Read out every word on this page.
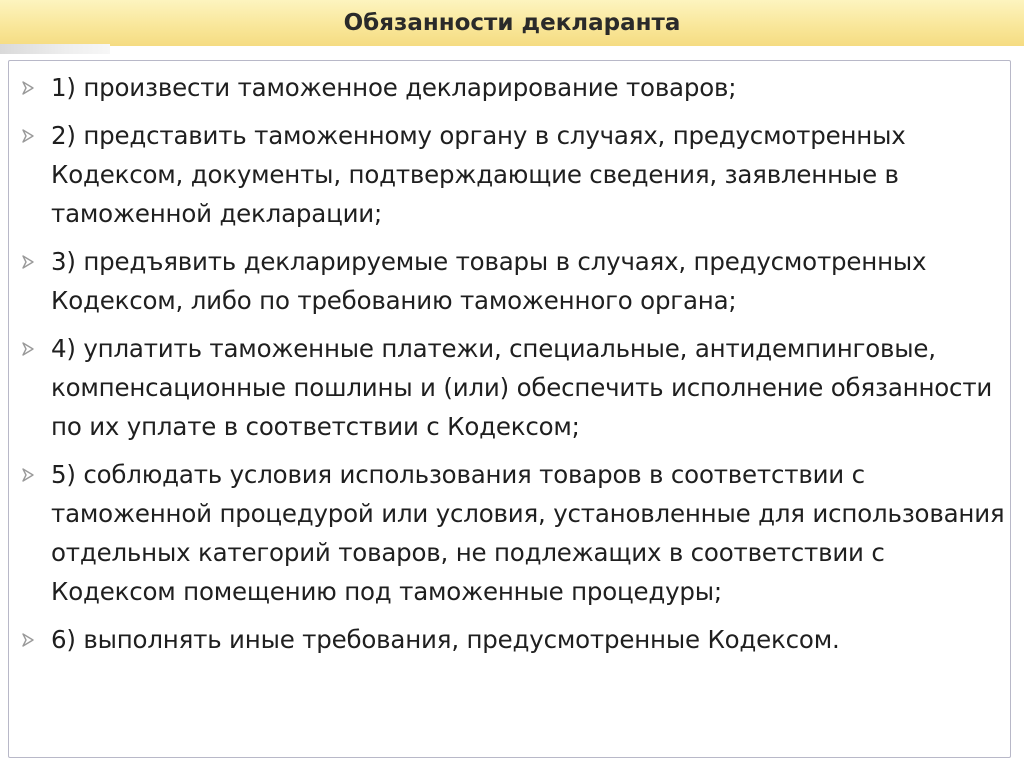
Обязанности декларанта
1) произвести таможенное декларирование товаров;
2) представить таможенному органу в случаях, предусмотренных Кодексом, документы, подтверждающие сведения, заявленные в таможенной декларации;
3) предъявить декларируемые товары в случаях, предусмотренных Кодексом, либо по требованию таможенного органа;
4) уплатить таможенные платежи, специальные, антидемпинговые, компенсационные пошлины и (или) обеспечить исполнение обязанности по их уплате в соответствии с Кодексом;
5) соблюдать условия использования товаров в соответствии с таможенной процедурой или условия, установленные для использования отдельных категорий товаров, не подлежащих в соответствии с Кодексом помещению под таможенные процедуры;
6) выполнять иные требования, предусмотренные Кодексом.
